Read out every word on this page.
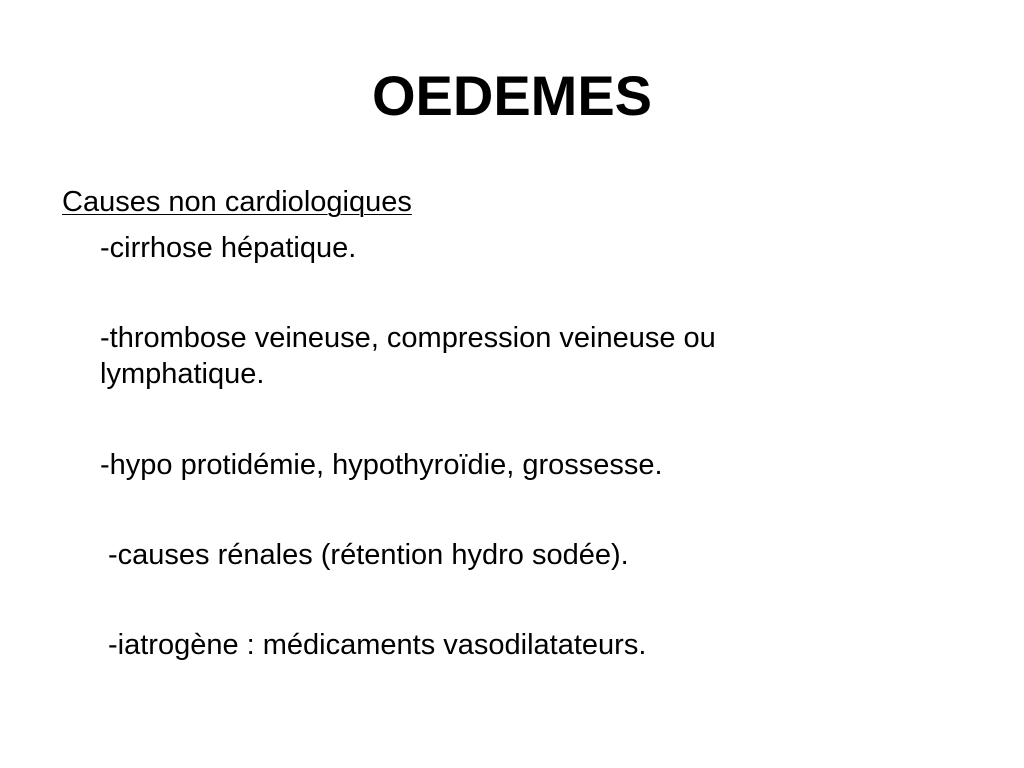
OEDEMES

Causes non cardiologiques

-cirrhose hépatique.

-thrombose veineuse, compression veineuse ou lymphatique.

-hypo protidémie, hypothyroïdie, grossesse.

-causes rénales (rétention hydro sodée).

-iatrogène : médicaments vasodilatateurs.
